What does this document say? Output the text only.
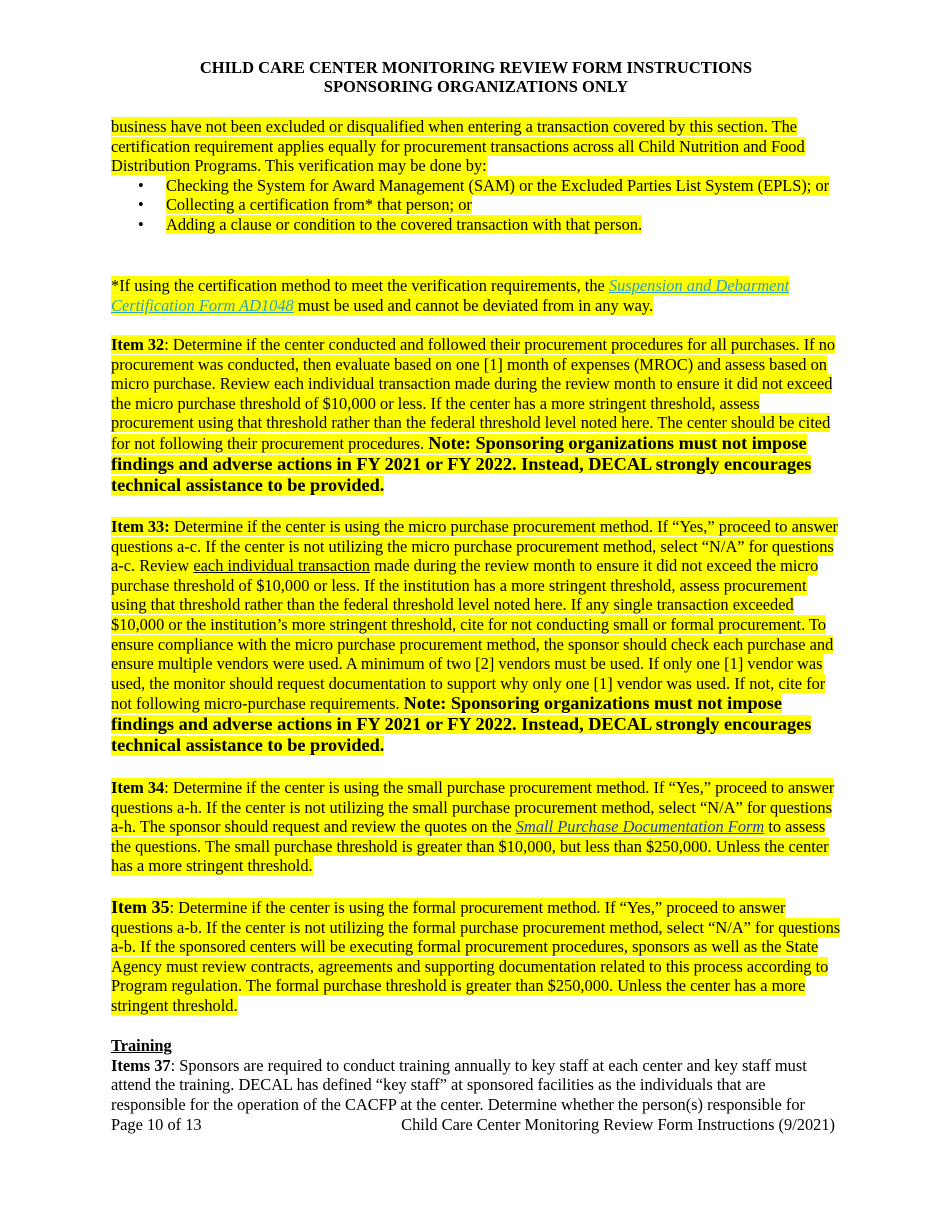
CHILD CARE CENTER MONITORING REVIEW FORM INSTRUCTIONS
SPONSORING ORGANIZATIONS ONLY
business have not been excluded or disqualified when entering a transaction covered by this section. The certification requirement applies equally for procurement transactions across all Child Nutrition and Food Distribution Programs. This verification may be done by:
• Checking the System for Award Management (SAM) or the Excluded Parties List System (EPLS); or
• Collecting a certification from* that person; or
• Adding a clause or condition to the covered transaction with that person.
*If using the certification method to meet the verification requirements, the Suspension and Debarment Certification Form AD1048 must be used and cannot be deviated from in any way.
Item 32: Determine if the center conducted and followed their procurement procedures for all purchases. If no procurement was conducted, then evaluate based on one [1] month of expenses (MROC) and assess based on micro purchase. Review each individual transaction made during the review month to ensure it did not exceed the micro purchase threshold of $10,000 or less. If the center has a more stringent threshold, assess procurement using that threshold rather than the federal threshold level noted here. The center should be cited for not following their procurement procedures. Note: Sponsoring organizations must not impose findings and adverse actions in FY 2021 or FY 2022. Instead, DECAL strongly encourages technical assistance to be provided.
Item 33: Determine if the center is using the micro purchase procurement method. If “Yes,” proceed to answer questions a-c. If the center is not utilizing the micro purchase procurement method, select “N/A” for questions a-c. Review each individual transaction made during the review month to ensure it did not exceed the micro purchase threshold of $10,000 or less. If the institution has a more stringent threshold, assess procurement using that threshold rather than the federal threshold level noted here. If any single transaction exceeded $10,000 or the institution’s more stringent threshold, cite for not conducting small or formal procurement. To ensure compliance with the micro purchase procurement method, the sponsor should check each purchase and ensure multiple vendors were used. A minimum of two [2] vendors must be used. If only one [1] vendor was used, the monitor should request documentation to support why only one [1] vendor was used. If not, cite for not following micro-purchase requirements. Note: Sponsoring organizations must not impose findings and adverse actions in FY 2021 or FY 2022. Instead, DECAL strongly encourages technical assistance to be provided.
Item 34: Determine if the center is using the small purchase procurement method. If “Yes,” proceed to answer questions a-h. If the center is not utilizing the small purchase procurement method, select “N/A” for questions a-h. The sponsor should request and review the quotes on the Small Purchase Documentation Form to assess the questions. The small purchase threshold is greater than $10,000, but less than $250,000. Unless the center has a more stringent threshold.
Item 35: Determine if the center is using the formal procurement method. If “Yes,” proceed to answer questions a-b. If the center is not utilizing the formal purchase procurement method, select “N/A” for questions a-b. If the sponsored centers will be executing formal procurement procedures, sponsors as well as the State Agency must review contracts, agreements and supporting documentation related to this process according to Program regulation. The formal purchase threshold is greater than $250,000. Unless the center has a more stringent threshold.
Training
Items 37: Sponsors are required to conduct training annually to key staff at each center and key staff must attend the training. DECAL has defined “key staff” at sponsored facilities as the individuals that are responsible for the operation of the CACFP at the center. Determine whether the person(s) responsible for
Page 10 of 13	Child Care Center Monitoring Review Form Instructions (9/2021)
